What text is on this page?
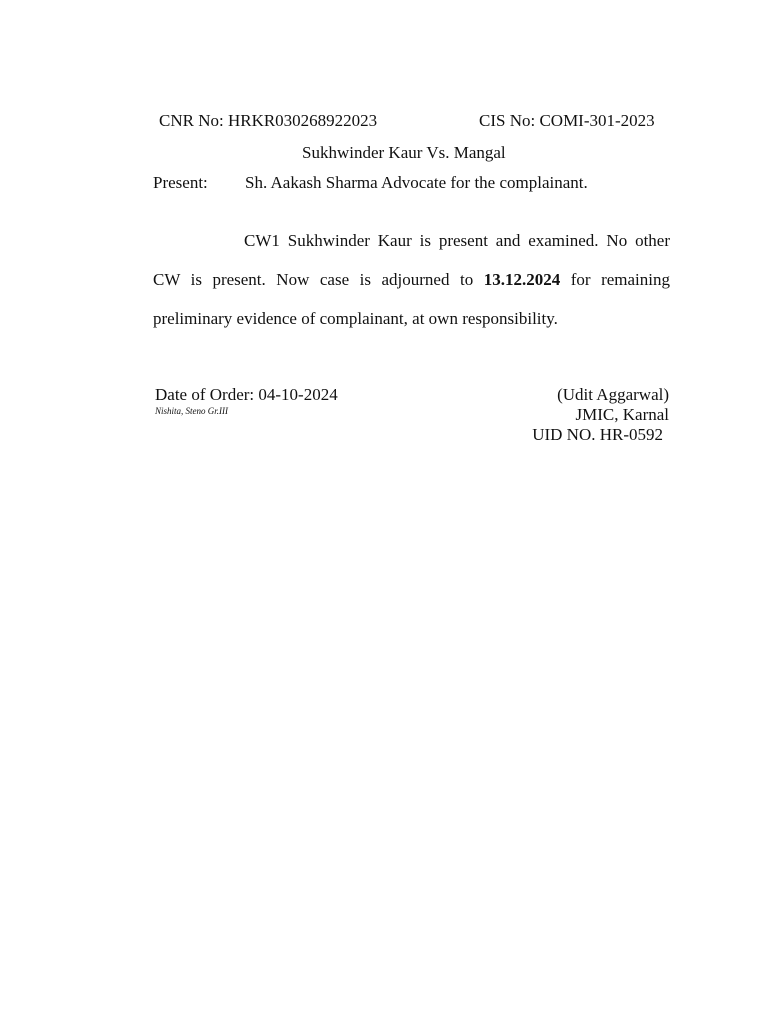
CNR No: HRKR030268922023	CIS No: COMI-301-2023
Sukhwinder Kaur Vs. Mangal
Present: Sh. Aakash Sharma Advocate for the complainant.
CW1 Sukhwinder Kaur is present and examined. No other CW is present. Now case is adjourned to 13.12.2024 for remaining preliminary evidence of complainant, at own responsibility.
Date of Order: 04-10-2024
Nishita, Steno Gr.III
(Udit Aggarwal)
JMIC, Karnal
UID NO. HR-0592
